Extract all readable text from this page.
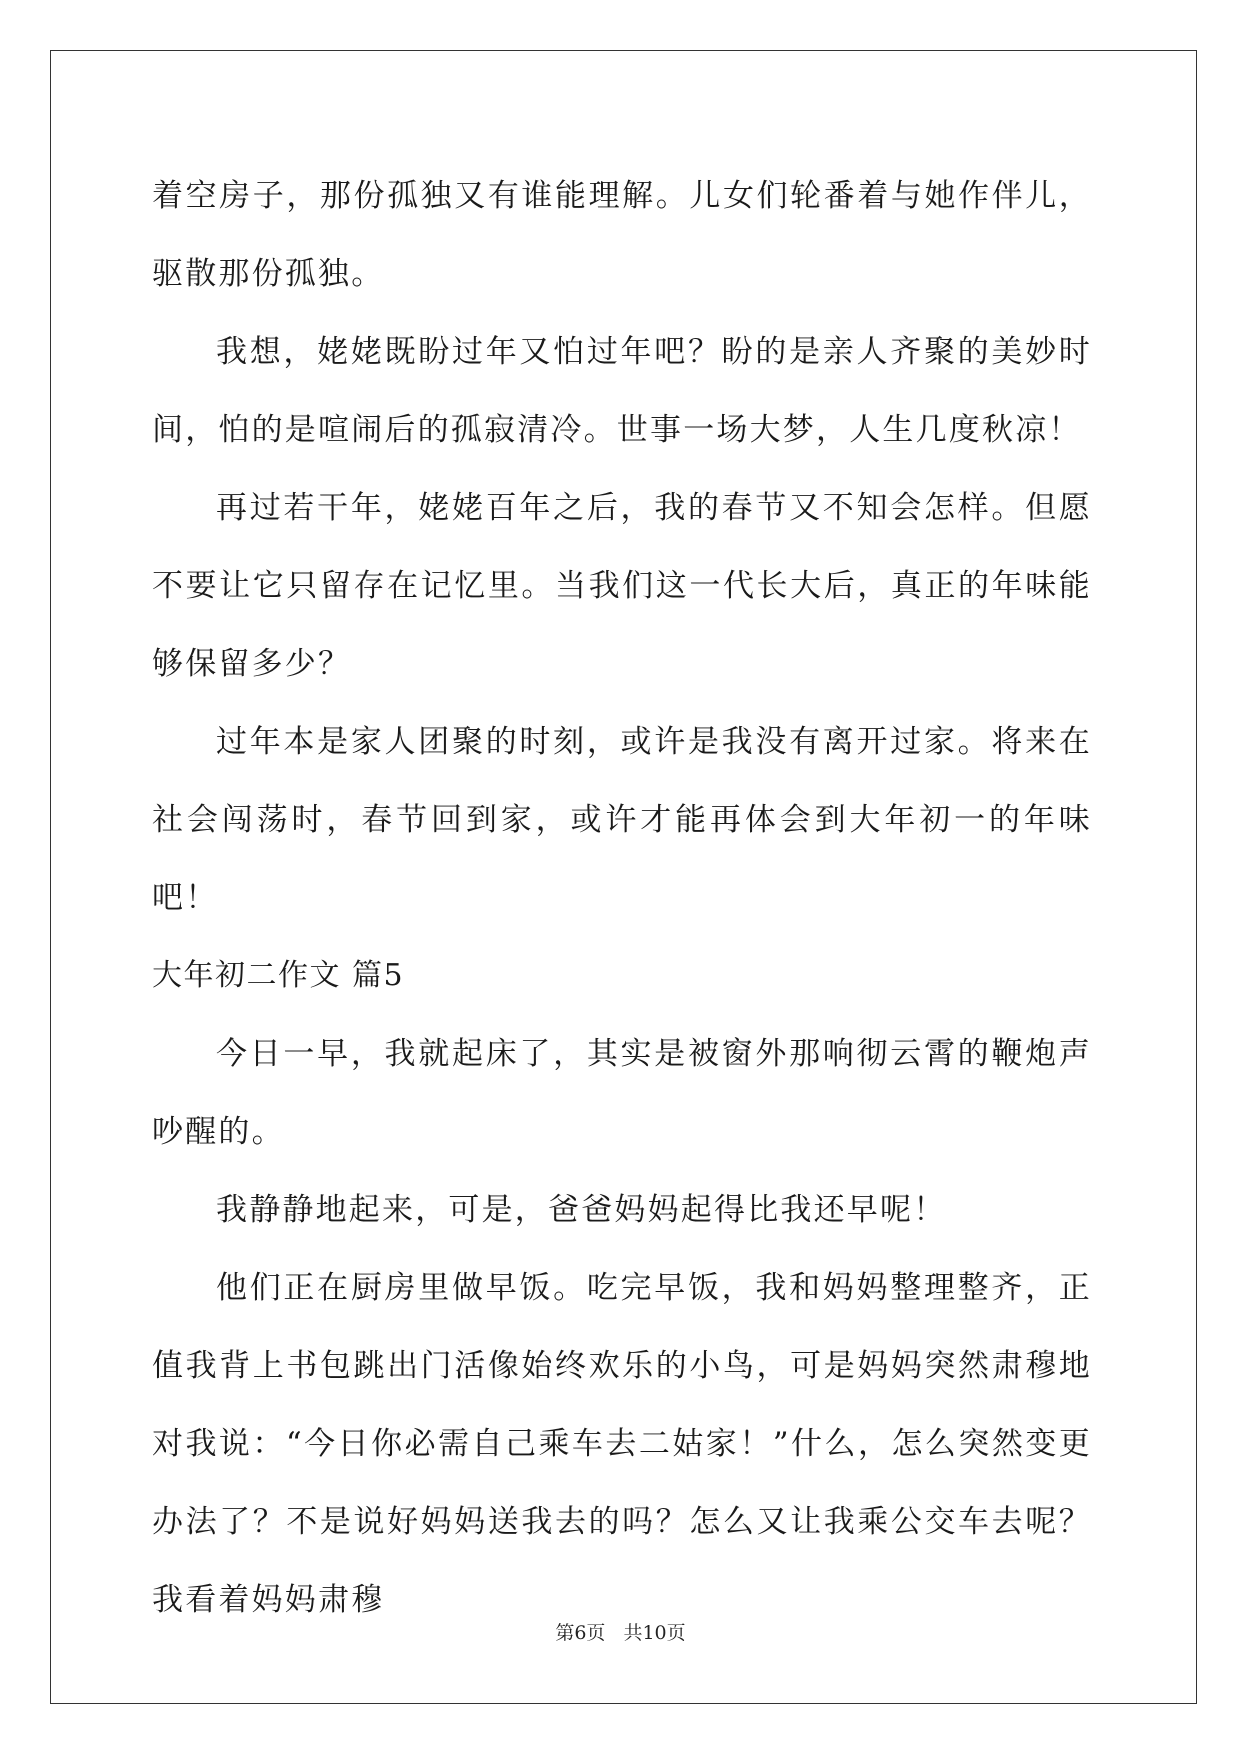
着空房子，那份孤独又有谁能理解。儿女们轮番着与她作伴儿，驱散那份孤独。

我想，姥姥既盼过年又怕过年吧？盼的是亲人齐聚的美妙时间，怕的是喧闹后的孤寂清冷。世事一场大梦，人生几度秋凉！

再过若干年，姥姥百年之后，我的春节又不知会怎样。但愿不要让它只留存在记忆里。当我们这一代长大后，真正的年味能够保留多少？

过年本是家人团聚的时刻，或许是我没有离开过家。将来在社会闯荡时，春节回到家，或许才能再体会到大年初一的年味吧！

大年初二作文 篇5

今日一早，我就起床了，其实是被窗外那响彻云霄的鞭炮声吵醒的。

我静静地起来，可是，爸爸妈妈起得比我还早呢！

他们正在厨房里做早饭。吃完早饭，我和妈妈整理整齐，正值我背上书包跳出门活像始终欢乐的小鸟，可是妈妈突然肃穆地对我说：“今日你必需自己乘车去二姑家！”什么，怎么突然变更办法了？不是说好妈妈送我去的吗？怎么又让我乘公交车去呢？我看着妈妈肃穆

第6页 共10页
